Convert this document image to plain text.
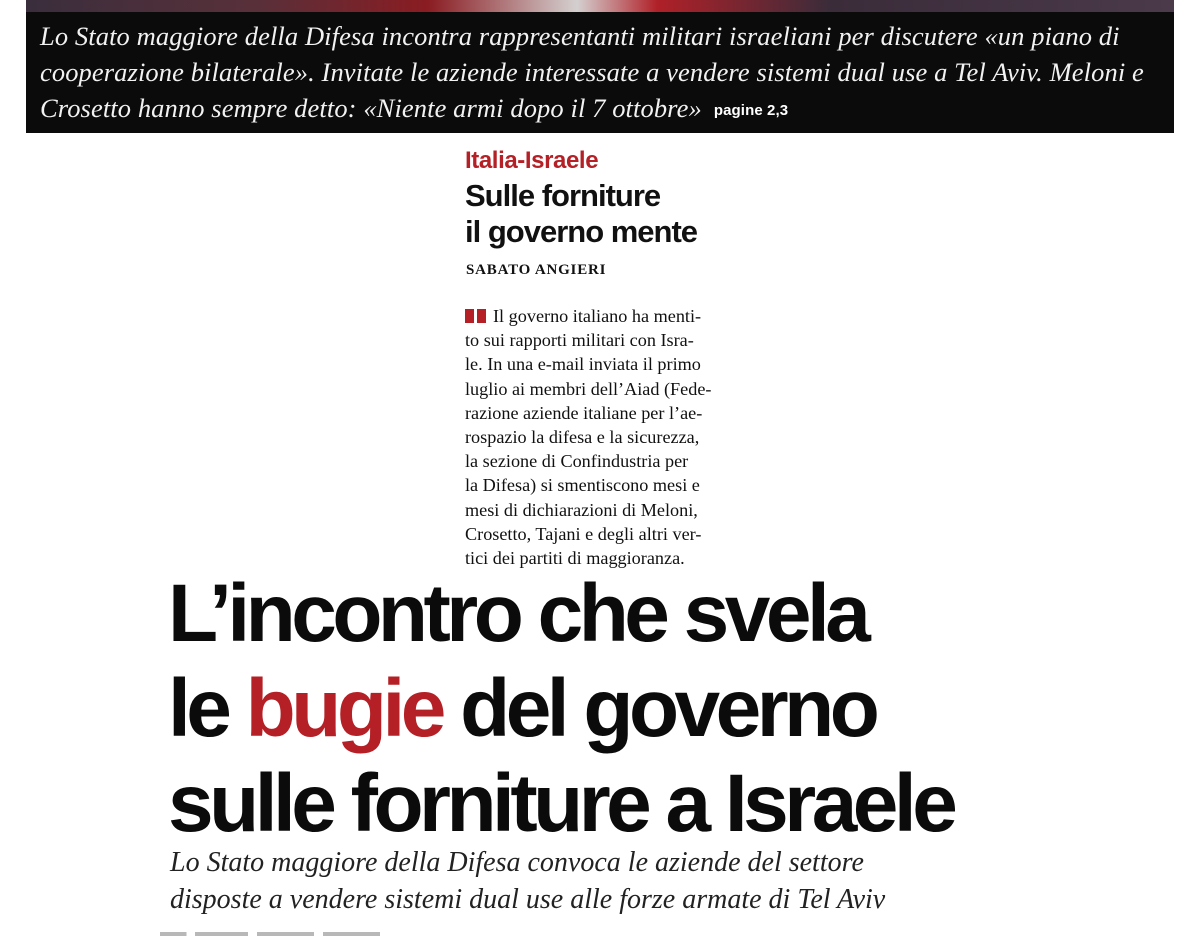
Lo Stato maggiore della Difesa incontra rappresentanti militari israeliani per discutere «un piano di cooperazione bilaterale». Invitate le aziende interessate a vendere sistemi dual use a Tel Aviv. Meloni e Crosetto hanno sempre detto: «Niente armi dopo il 7 ottobre» pagine 2,3

Italia-Israele

Sulle forniture
il governo mente

SABATO ANGIERI

Il governo italiano ha menti-
to sui rapporti militari con Isra-
le. In una e-mail inviata il primo
luglio ai membri dell’Aiad (Fede-
razione aziende italiane per l’ae-
rospazio la difesa e la sicurezza,
la sezione di Confindustria per
la Difesa) si smentiscono mesi e
mesi di dichiarazioni di Meloni,
Crosetto, Tajani e degli altri ver-
tici dei partiti di maggioranza.
L’incontro che svela
le bugie del governo
sulle forniture a Israele

Lo Stato maggiore della Difesa convoca le aziende del settore
disposte a vendere sistemi dual use alle forze armate di Tel Aviv
